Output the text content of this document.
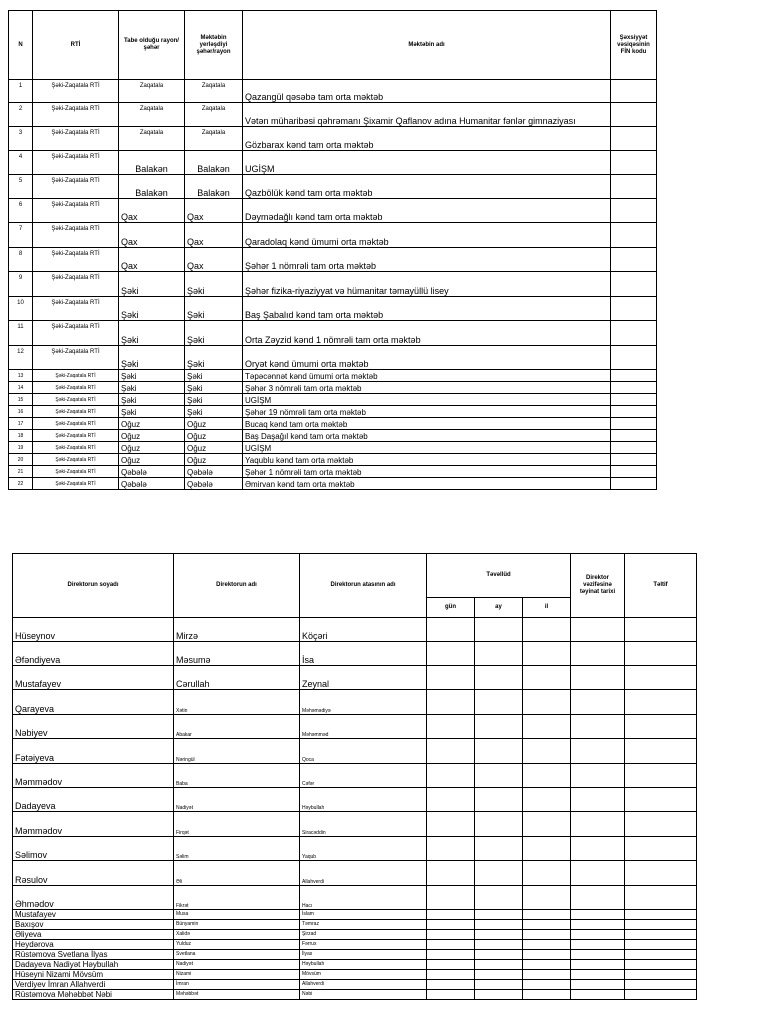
N	RTİ	Tabe olduğu rayon/şəhər	Məktəbin yerləşdiyi şəhər/rayon	Məktəbin adı	Şəxsiyyət vəsiqəsinin FİN kodu
1	Şəki-Zaqatala RTİ	Zaqatala	Zaqatala	Qazangül qəsəbə tam orta məktəb	
2	Şəki-Zaqatala RTİ	Zaqatala	Zaqatala	Vətən müharibəsi qəhrəmanı Şixamir Qaflanov adına Humanitar fənlər gimnaziyası	
3	Şəki-Zaqatala RTİ	Zaqatala	Zaqatala	Gözbarax kənd tam orta məktəb	
4	Şəki-Zaqatala RTİ	Balakən	Balakən	UGİŞM	
5	Şəki-Zaqatala RTİ	Balakən	Balakən	Qazbölük kənd tam orta məktəb	
6	Şəki-Zaqatala RTİ	Qax	Qax	Dəymədağlı kənd tam orta məktəb	
7	Şəki-Zaqatala RTİ	Qax	Qax	Qaradolaq kənd ümumi orta məktəb	
8	Şəki-Zaqatala RTİ	Qax	Qax	Şəhər 1 nömrəli tam orta məktəb	
9	Şəki-Zaqatala RTİ	Şəki	Şəki	Şəhər fizika-riyaziyyat və hümanitar təmayüllü lisey	
10	Şəki-Zaqatala RTİ	Şəki	Şəki	Baş Şabalıd kənd tam orta məktəb	
11	Şəki-Zaqatala RTİ	Şəki	Şəki	Orta Zəyzid kənd 1 nömrəli tam orta məktəb	
12	Şəki-Zaqatala RTİ	Şəki	Şəki	Oryət kənd ümumi orta məktəb	
13	Şəki-Zaqatala RTİ	Şəki	Şəki	Təpəcənnət kənd ümumi orta məktəb	
14	Şəki-Zaqatala RTİ	Şəki	Şəki	Şəhər 3 nömrəli tam orta məktəb	
15	Şəki-Zaqatala RTİ	Şəki	Şəki	UGİŞM	
16	Şəki-Zaqatala RTİ	Şəki	Şəki	Şəhər 19 nömrəli tam orta məktəb	
17	Şəki-Zaqatala RTİ	Oğuz	Oğuz	Bucaq kənd tam orta məktəb	
18	Şəki-Zaqatala RTİ	Oğuz	Oğuz	Baş Daşağıl kənd tam orta məktəb	
19	Şəki-Zaqatala RTİ	Oğuz	Oğuz	UGİŞM	
20	Şəki-Zaqatala RTİ	Oğuz	Oğuz	Yaqublu kənd tam orta məktəb	
21	Şəki-Zaqatala RTİ	Qəbələ	Qəbələ	Şəhər 1 nömrəli tam orta məktəb	
22	Şəki-Zaqatala RTİ	Qəbələ	Qəbələ	Əmirvan kənd tam orta məktəb	
Direktorun soyadı	Direktorun adı	Direktorun atasının adı	Təvəllüd			Direktor vəzifəsinə təyinat tarixi	Təltif
			gün	ay	il		
Hüseynov	Mirzə	Köçəri					
Əfəndiyeva	Məsumə	İsa					
Mustafayev	Cərullah	Zeynal					
Qarayeva	Xətin	Məhəmədiyə					
Nəbiyev	Abakar	Məhəmməd					
Fətəiyeva	Nəringül	Qoca					
Məmmədov	Baba	Cəfər					
Dadayeva	Nadiyət	Həybullah					
Məmmədov	Firqət	Siracəddin					
Səlimov	Səlim	Yaqub					
Rəsulov	Əli	Allahverdi					
Əhmədov	Fikrət	Hacı					
Mustafayev	Musa	İslam					
Baxışov	Bünyamin	Təmraz					
Əliyeva	Xalidə	Şirzad					
Heydərova	Yulduz	Fərrux					
Rüstəmova Svetlana İlyas	Svetlana	İlyas					
Dadayeva Nadiyət Həybullah	Nadiyət	Həybullah					
Hüseyni Nizami Mövsüm	Nizami	Mövsüm					
Verdiyev İmran Allahverdi	İmran	Allahverdi					
Rüstəmova Məhəbbət Nəbi	Məhəbbət	Nəbi					
